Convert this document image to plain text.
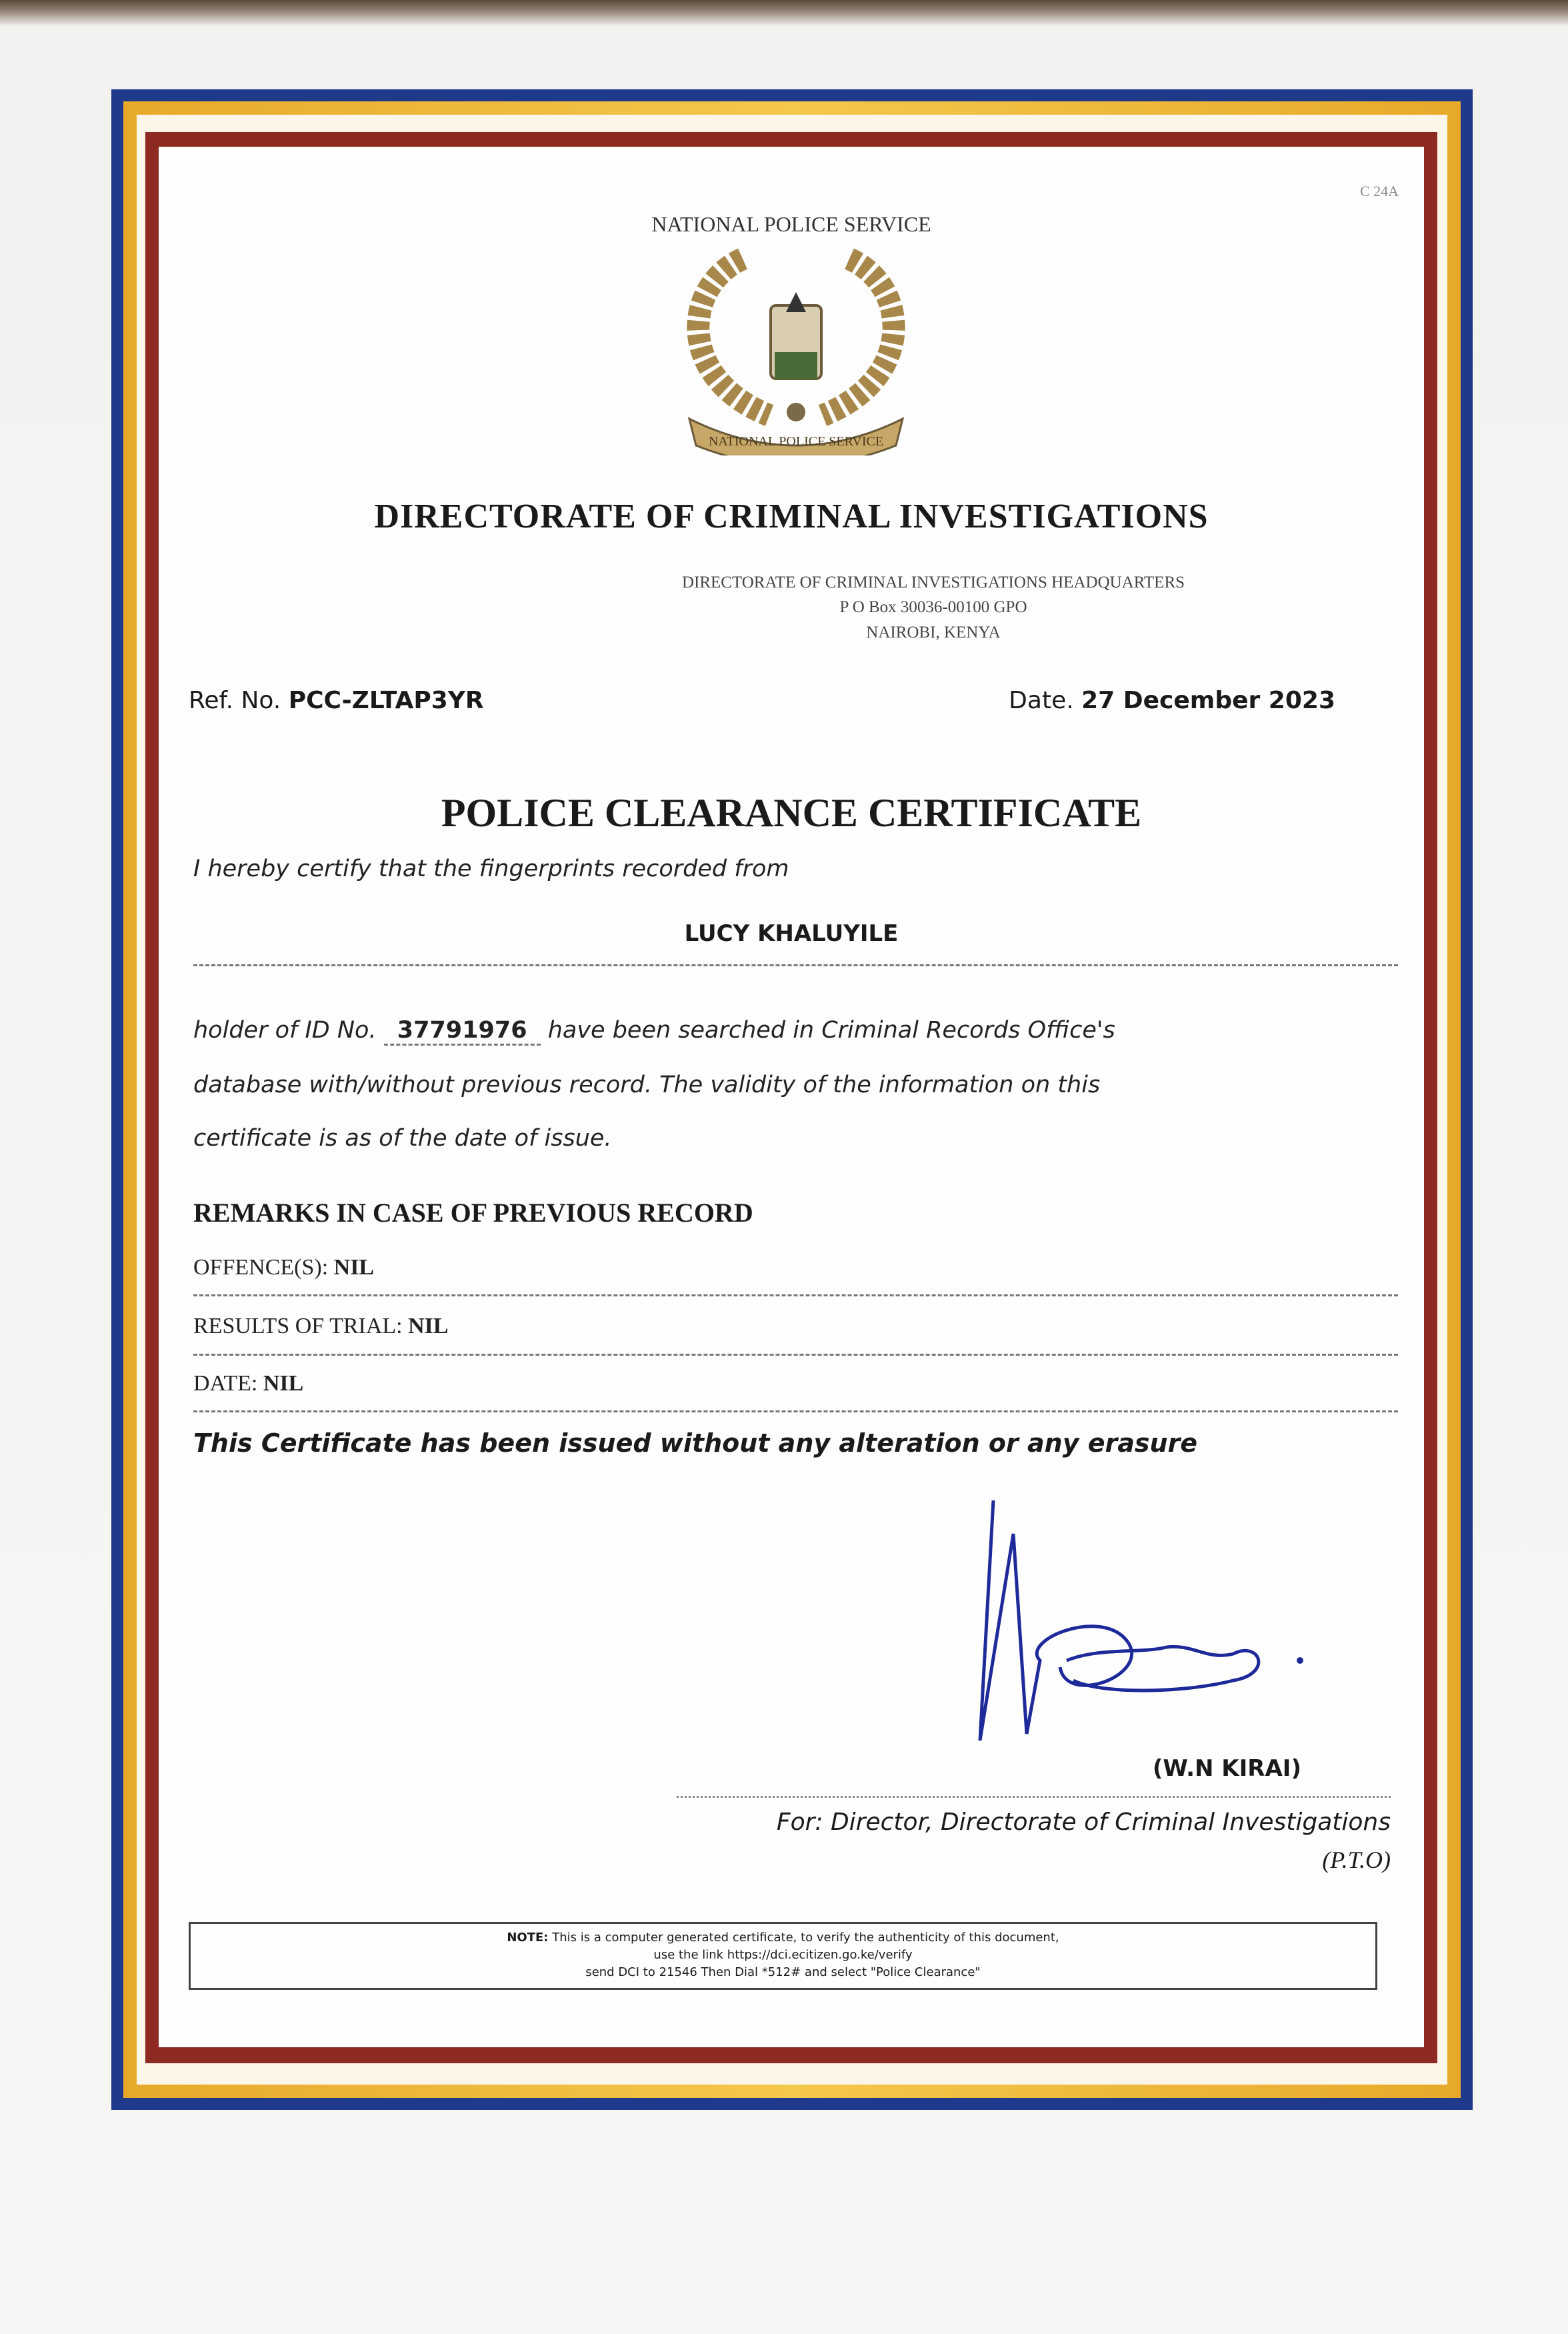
C 24A
NATIONAL POLICE SERVICE
NATIONAL POLICE SERVICE
DIRECTORATE OF CRIMINAL INVESTIGATIONS
DIRECTORATE OF CRIMINAL INVESTIGATIONS HEADQUARTERS
P O Box 30036-00100 GPO
NAIROBI, KENYA
Ref. No. PCC-ZLTAP3YR	Date. 27 December 2023
POLICE CLEARANCE CERTIFICATE
I hereby certify that the fingerprints recorded from
LUCY KHALUYILE
holder of ID No. 37791976 have been searched in Criminal Records Office's
database with/without previous record. The validity of the information on this
certificate is as of the date of issue.
REMARKS IN CASE OF PREVIOUS RECORD
OFFENCE(S): NIL
RESULTS OF TRIAL: NIL
DATE: NIL
This Certificate has been issued without any alteration or any erasure
(W.N KIRAI)
For: Director, Directorate of Criminal Investigations
(P.T.O)
NOTE: This is a computer generated certificate, to verify the authenticity of this document,
use the link https://dci.ecitizen.go.ke/verify
send DCI to 21546 Then Dial *512# and select "Police Clearance"
